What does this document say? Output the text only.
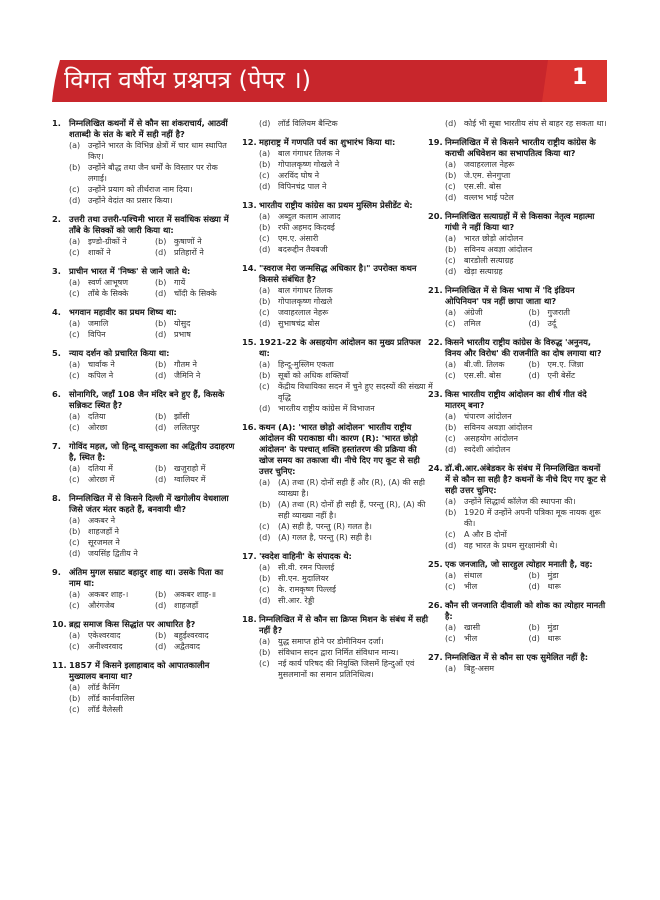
विगत वर्षीय प्रश्नपत्र (पेपर ।)	1
1. निम्नलिखित कथनों में से कौन सा शंकराचार्य, आठवीं शताब्दी के संत के बारे में सही नहीं है?
(a) उन्होंने भारत के विभिन्न क्षेत्रों में चार धाम स्थापित किए।
(b) उन्होंने बौद्ध तथा जैन धर्मों के विस्तार पर रोक लगाई।
(c)	उन्होंने प्रयाग को तीर्थराज नाम दिया।
(d) उन्होंने वेदांत का प्रसार किया।
2. उत्तरी तथा उत्तरी-पश्चिमी भारत में सर्वाधिक संख्या में ताँबे के सिक्कों को जारी किया था:
(a) इण्डो-ग्रीकों ने	(b) कुषाणों ने
(c)	शाकों ने	(d) प्रतिहारों ने
3. प्राचीन भारत में 'निष्क' से जाने जाते थे:
(a) स्वर्ण आभूषण	(b) गायें
(c)	ताँबे के सिक्के	(d) चाँदी के सिक्के
4. भगवान महावीर का प्रथम शिष्य था:
(a) जमालि	(b) योसुद
(c)	विपिन	(d) प्रभाष
5. न्याय दर्शन को प्रचारित किया था:
(a) चार्वाक ने	(b) गौतम ने
(c)	कपिल ने	(d) जैमिनि ने
6. सोनागिरि, जहाँ 108 जैन मंदिर बने हुए हैं, किसके सन्निकट स्थित है?
(a) दतिया	(b) झाँसी
(c)	ओरछा	(d) ललितपुर
7. गोविंद महल, जो हिन्दू वास्तुकला का अद्वितीय उदाहरण है, स्थित है:
(a) दतिया में	(b) खजुराहो में
(c)	ओरछा में	(d) ग्वालियर में
8. निम्नलिखित में से किसने दिल्ली में खगोलीय वेधशाला जिसे जंतर मंतर कहते हैं, बनवायी थी?
(a) अकबर ने
(b) शाहजहाँ ने
(c)	सूरजमल ने
(d) जयसिंह द्वितीय ने
9. अंतिम मुगल सम्राट बहादुर शाह था। उसके पिता का नाम था:
(a) अकबर शाह-।	(b) अकबर शाह-॥
(c)	औरंगजेब	(d) शाहजहाँ
10. ब्रह्म समाज किस सिद्धांत पर आधारित है?
(a) एकेश्वरवाद	(b) बहुईश्वरवाद
(c)	अनीश्वरवाद	(d) अद्वैतवाद
11. 1857 में किसने इलाहाबाद को आपातकालीन मुख्यालय बनाया था?
(a) लॉर्ड कैनिंग
(b) लॉर्ड कार्नवालिस
(c)	लॉर्ड वैलेस्ली
(d) लॉर्ड विलियम बैन्टिक
12. महाराष्ट्र में गणपति पर्व का शुभारंभ किया था:
(a) बाल गंगाधर तिलक ने
(b) गोपालकृष्ण गोखले ने
(c)	अरविंद घोष ने
(d) विपिनचंद्र पाल ने
13. भारतीय राष्ट्रीय कांग्रेस का प्रथम मुस्लिम प्रेसीडेंट थे:
(a) अब्दुल कलाम आजाद
(b) रफी अहमद किदवई
(c)	एम.ए. अंसारी
(d) बदरूद्दीन तैयबजी
14. "स्वराज मेरा जन्मसिद्ध अधिकार है।" उपरोक्त कथन किससे संबंधित है?
(a) बाल गंगाधर तिलक
(b) गोपालकृष्ण गोखले
(c)	जवाहरलाल नेहरू
(d) सुभाषचंद्र बोस
15. 1921-22 के असहयोग आंदोलन का मुख्य प्रतिफल था:
(a) हिन्दू-मुस्लिम एकता
(b) सूबों को अधिक शक्तियाँ
(c)	केंद्रीय विधायिका सदन में चुने हुए सदस्यों की संख्या में वृद्धि
(d) भारतीय राष्ट्रीय कांग्रेस में विभाजन
16. कथन (A): 'भारत छोड़ो आंदोलन' भारतीय राष्ट्रीय आंदोलन की पराकाष्ठा थी। कारण (R): 'भारत छोड़ो आंदोलन' के पश्चात् शक्ति हस्तांतरण की प्रक्रिया की खोज समय का तकाजा थी। नीचे दिए गए कूट से सही उत्तर चुनिए:
(a) (A) तथा (R) दोनों सही हैं और (R), (A) की सही व्याख्या है।
(b) (A) तथा (R) दोनों ही सही हैं, परन्तु (R), (A) की सही व्याख्या नहीं है।
(c)	(A) सही है, परन्तु (R) गलत है।
(d) (A) गलत है, परन्तु (R) सही है।
17. 'स्वदेश वाहिनी' के संपादक थे:
(a) सी.वी. रमन पिल्लई
(b) सी.एन. मुदालियर
(c)	के. रामकृष्ण पिल्लई
(d) सी.आर. रेड्डी
18. निम्नलिखित में से कौन सा क्रिप्स मिशन के संबंध में सही नहीं है?
(a) युद्ध समाप्त होने पर डोमीनियन दर्जा।
(b) संविधान सदन द्वारा निर्मित संविधान मान्य।
(c)	नई कार्य परिषद की नियुक्ति जिसमें हिन्दुओं एवं मुसलमानों का समान प्रतिनिधित्व।
(d) कोई भी सूबा भारतीय संघ से बाहर रह सकता था।
19. निम्नलिखित में से किसने भारतीय राष्ट्रीय कांग्रेस के कराची अधिवेशन का सभापतित्व किया था?
(a) जवाहरलाल नेहरू
(b) जे.एम. सेनगुप्ता
(c)	एस.सी. बोस
(d) वल्लभ भाई पटेल
20. निम्नलिखित सत्याग्रहों में से किसका नेतृत्व महात्मा गांधी ने नहीं किया था?
(a) भारत छोड़ो आंदोलन
(b) सविनय अवज्ञा आंदोलन
(c)	बारडोली सत्याग्रह
(d) खेड़ा सत्याग्रह
21. निम्नलिखित में से किस भाषा में 'दि इंडियन ओपिनियन' पत्र नहीं छापा जाता था?
(a) अंग्रेजी	(b) गुजराती
(c)	तमिल	(d) उर्दू
22. किसने भारतीय राष्ट्रीय कांग्रेस के विरुद्ध 'अनुनय, विनय और विरोध' की राजनीति का दोष लगाया था?
(a) बी.जी. तिलक	(b) एम.ए. जिन्ना
(c)	एस.सी. बोस	(d) एनी बेसेंट
23. किस भारतीय राष्ट्रीय आंदोलन का शीर्ष गीत वंदे मातरम् बना?
(a) चंपारण आंदोलन
(b) सविनय अवज्ञा आंदोलन
(c)	असहयोग आंदोलन
(d) स्वदेशी आंदोलन
24. डॉ.बी.आर.अंबेडकर के संबंध में निम्नलिखित कथनों में से कौन सा सही है? कथनों के नीचे दिए गए कूट से सही उत्तर चुनिए:
(a) उन्होंने सिद्धार्थ कॉलेज की स्थापना की।
(b) 1920 में उन्होंने अपनी पत्रिका मूक नायक शुरू की।
(c)	A और B दोनों
(d) वह भारत के प्रथम सुरक्षामंत्री थे।
25. एक जनजाति, जो सारहुल त्योहार मनाती है, वह:
(a) संथाल	(b) मुंडा
(c)	भील	(d) थारू
26. कौन सी जनजाति दीवाली को शोक का त्योहार मानती है:
(a) खासी	(b) मुंडा
(c)	भील	(d) थारू
27. निम्नलिखित में से कौन सा एक सुमेलित नहीं है:
(a) बिहू-असम
